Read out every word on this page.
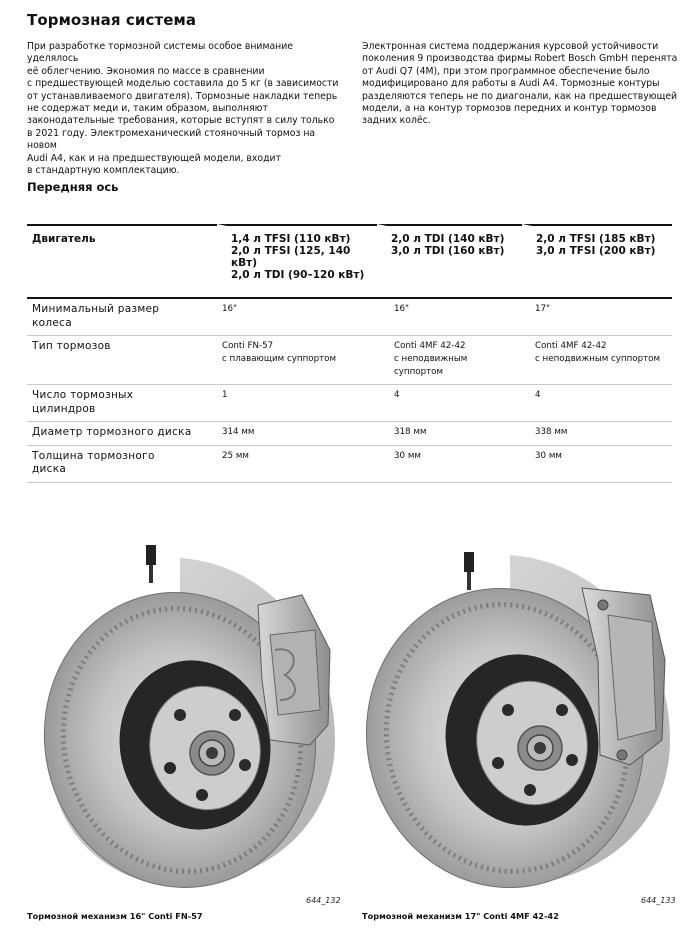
Тормозная система

При разработке тормозной системы особое внимание уделялось
её облегчению. Экономия по массе в сравнении
с предшествующей моделью составила до 5 кг (в зависимости
от устанавливаемого двигателя). Тормозные накладки теперь
не содержат меди и, таким образом, выполняют
законодательные требования, которые вступят в силу только
в 2021 году. Электромеханический стояночный тормоз на новом
Audi A4, как и на предшествующей модели, входит
в стандартную комплектацию.

Электронная система поддержания курсовой устойчивости
поколения 9 производства фирмы Robert Bosch GmbH перенята
от Audi Q7 (4M), при этом программное обеспечение было
модифицировано для работы в Audi A4. Тормозные контуры
разделяются теперь не по диагонали, как на предшествующей
модели, а на контур тормозов передних и контур тормозов
задних колёс.

Передняя ось
Двигатель	1,4 л TFSI (110 кВт)
2,0 л TFSI (125, 140 кВт)
2,0 л TDI (90–120 кВт)	2,0 л TDI (140 кВт)
3,0 л TDI (160 кВт)	2,0 л TFSI (185 кВт)
3,0 л TFSI (200 кВт)
Минимальный размер
колеса	16"	16"	17"
Тип тормозов	Conti FN-57
с плавающим суппортом	Conti 4MF 42-42
с неподвижным
суппортом	Conti 4MF 42-42
с неподвижным суппортом
Число тормозных
цилиндров	1	4	4
Диаметр тормозного диска	314 мм	318 мм	338 мм
Толщина тормозного
диска	25 мм	30 мм	30 мм
644_132

Тормозной механизм 16" Conti FN-57

644_133

Тормозной механизм 17" Conti 4MF 42-42
